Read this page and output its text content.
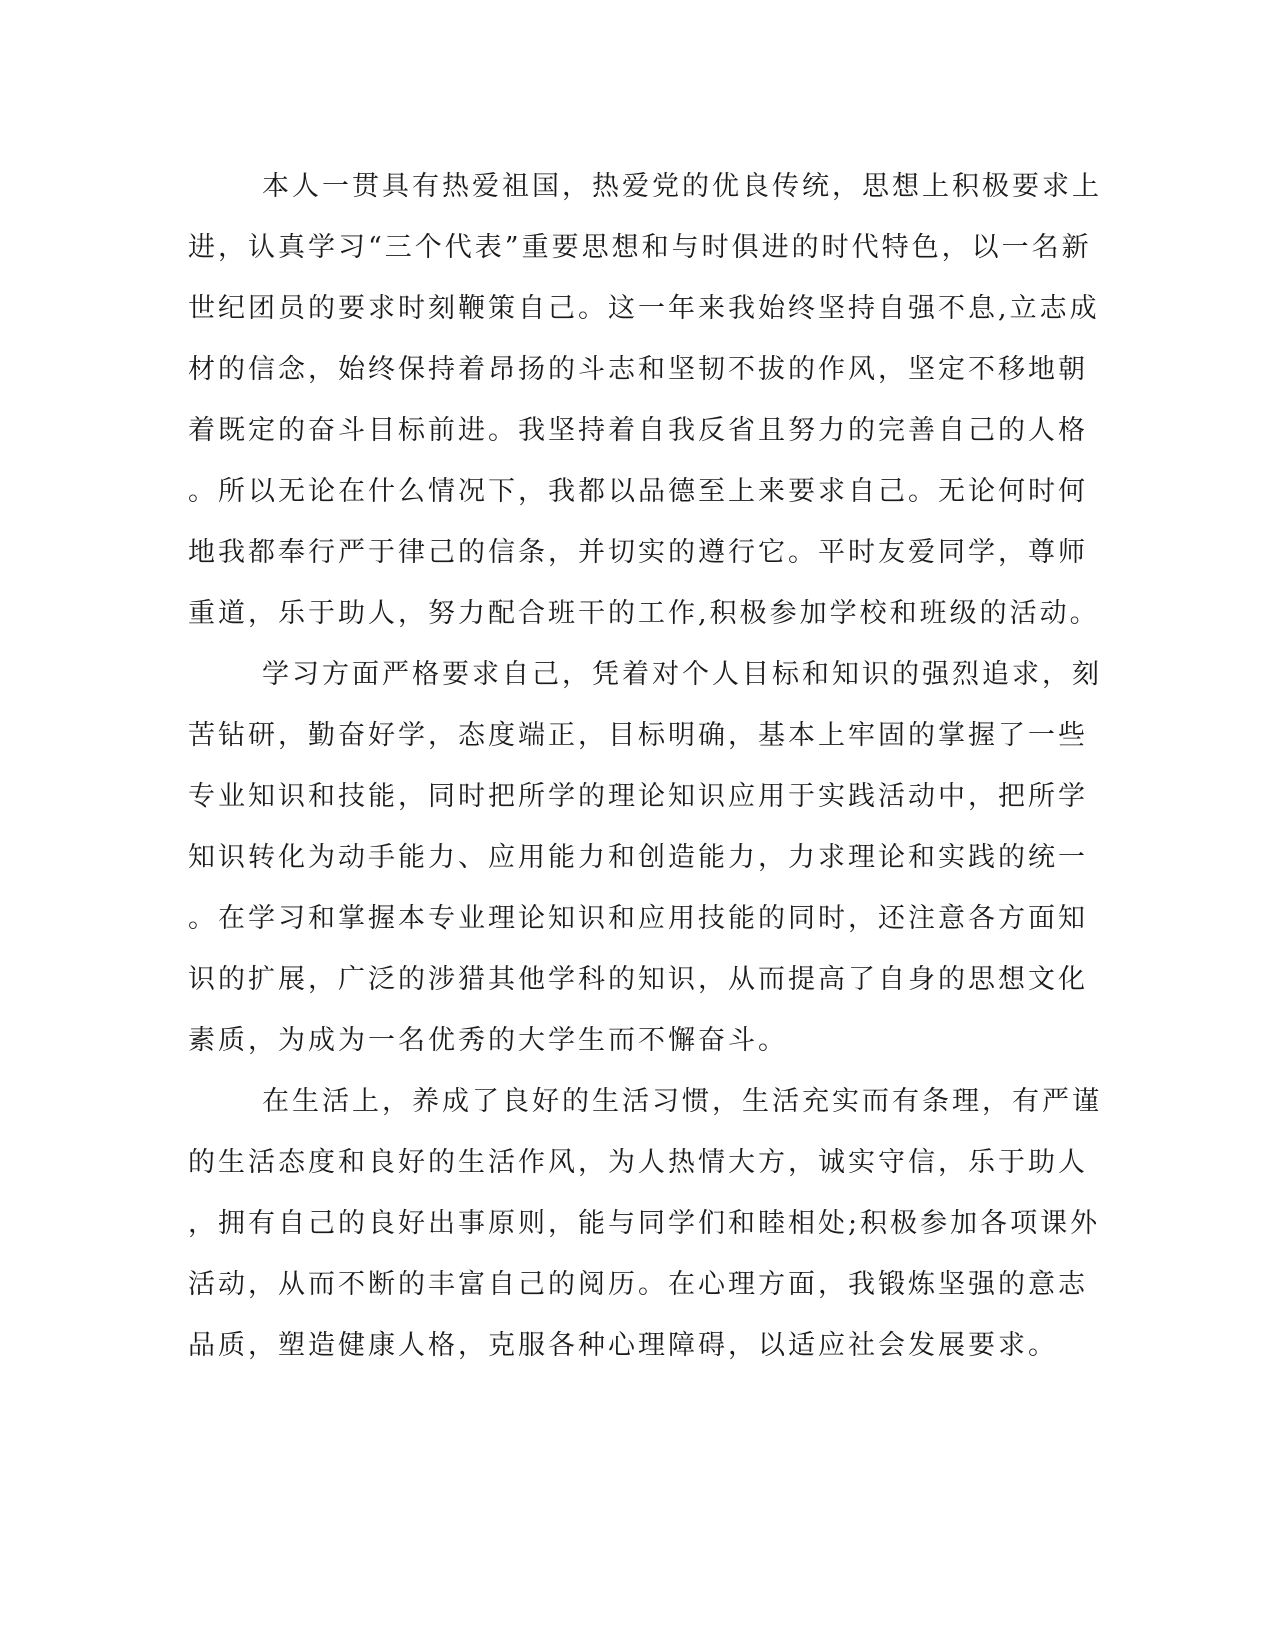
本人一贯具有热爱祖国，热爱党的优良传统，思想上积极要求上
进，认真学习“三个代表”重要思想和与时俱进的时代特色，以一名新
世纪团员的要求时刻鞭策自己。这一年来我始终坚持自强不息,立志成
材的信念，始终保持着昂扬的斗志和坚韧不拔的作风，坚定不移地朝
着既定的奋斗目标前进。我坚持着自我反省且努力的完善自己的人格
。所以无论在什么情况下，我都以品德至上来要求自己。无论何时何
地我都奉行严于律己的信条，并切实的遵行它。平时友爱同学，尊师
重道，乐于助人，努力配合班干的工作,积极参加学校和班级的活动。
学习方面严格要求自己，凭着对个人目标和知识的强烈追求，刻
苦钻研，勤奋好学，态度端正，目标明确，基本上牢固的掌握了一些
专业知识和技能，同时把所学的理论知识应用于实践活动中，把所学
知识转化为动手能力、应用能力和创造能力，力求理论和实践的统一
。在学习和掌握本专业理论知识和应用技能的同时，还注意各方面知
识的扩展，广泛的涉猎其他学科的知识，从而提高了自身的思想文化
素质，为成为一名优秀的大学生而不懈奋斗。
在生活上，养成了良好的生活习惯，生活充实而有条理，有严谨
的生活态度和良好的生活作风，为人热情大方，诚实守信，乐于助人
，拥有自己的良好出事原则，能与同学们和睦相处;积极参加各项课外
活动，从而不断的丰富自己的阅历。在心理方面，我锻炼坚强的意志
品质，塑造健康人格，克服各种心理障碍，以适应社会发展要求。
